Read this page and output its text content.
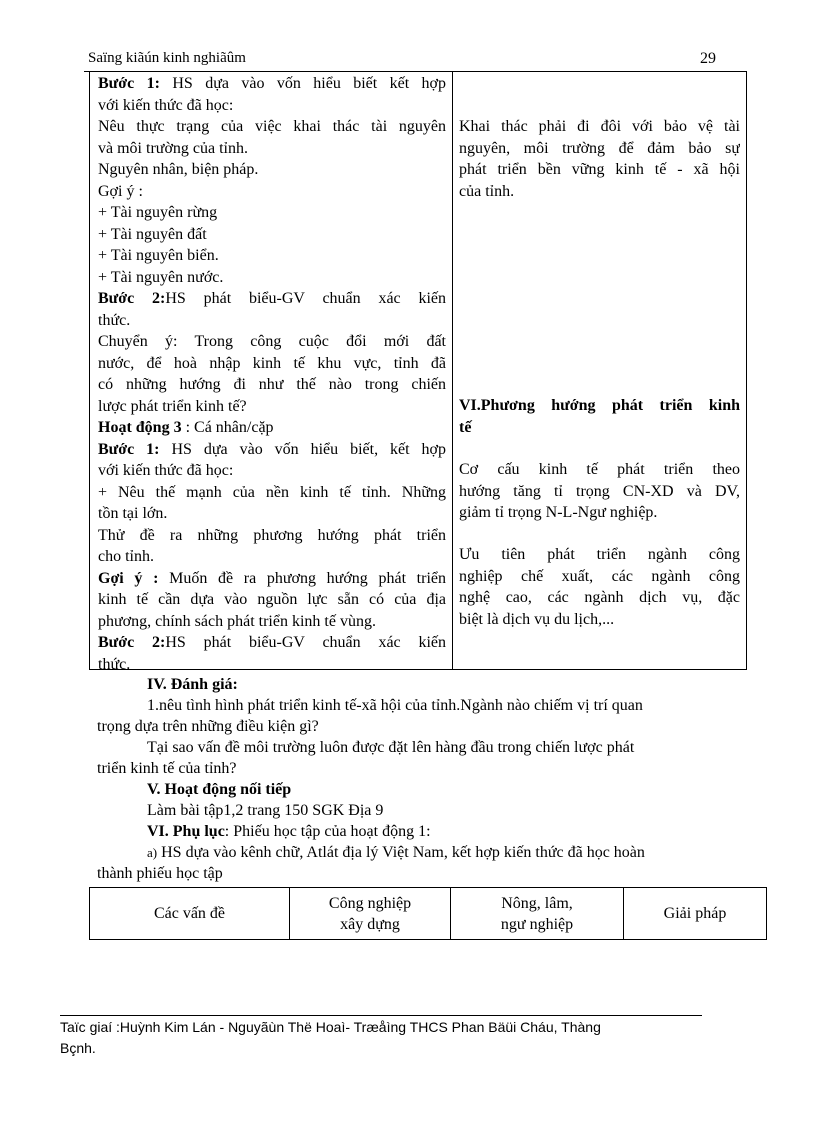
Saïng kiãún kinh nghiãûm	29
Bước 1: HS dựa vào vốn hiểu biết kết hợp
với kiến thức đã học:
Nêu thực trạng của việc khai thác tài nguyên
và môi trường của tỉnh.
Nguyên nhân, biện pháp.
Gợi ý :
+ Tài nguyên rừng
+ Tài nguyên đất
+ Tài nguyên biển.
+ Tài nguyên nước.
Bước 2:HS phát biểu-GV chuẩn xác kiến
thức.
Chuyển ý: Trong công cuộc đổi mới đất
nước, để hoà nhập kinh tế khu vực, tỉnh đã
có những hướng đi như thế nào trong chiến
lược phát triển kinh tế?
Hoạt động 3 : Cá nhân/cặp
Bước 1: HS dựa vào vốn hiểu biết, kết hợp
với kiến thức đã học:
+ Nêu thế mạnh của nền kinh tế tỉnh. Những
tồn tại lớn.
Thử đề ra những phương hướng phát triển
cho tỉnh.
Gợi ý : Muốn đề ra phương hướng phát triển
kinh tế cần dựa vào nguồn lực sẵn có của địa
phương, chính sách phát triển kinh tế vùng.
Bước 2:HS phát biểu-GV chuẩn xác kiến
thức.
Khai thác phải đi đôi với bảo vệ tài
nguyên, môi trường để đảm bảo sự
phát triển bền vững kinh tế - xã hội
của tỉnh.
VI.Phương hướng phát triển kinh
tế
Cơ cấu kinh tế phát triển theo
hướng tăng tỉ trọng CN-XD và DV,
giảm tỉ trọng N-L-Ngư nghiệp.
Ưu tiên phát triển ngành công
nghiệp chế xuất, các ngành công
nghệ cao, các ngành dịch vụ, đặc
biệt là dịch vụ du lịch,...
IV. Đánh giá:
1.nêu tình hình phát triển kinh tế-xã hội của tỉnh.Ngành nào chiếm vị trí quan
trọng dựa trên những điều kiện gì?
Tại sao vấn đề môi trường luôn được đặt lên hàng đầu trong chiến lược phát
triển kinh tế của tỉnh?
V. Hoạt động nối tiếp
Làm bài tập1,2 trang 150 SGK Địa 9
VI. Phụ lục: Phiếu học tập của hoạt động 1:
a) HS dựa vào kênh chữ, Atlát địa lý Việt Nam, kết hợp kiến thức đã học hoàn
thành phiếu học tập
Các vấn đề
Công nghiệp
xây dựng
Nông, lâm,
ngư nghiệp
Giải pháp
Taïc giaí :Huỳnh Kim Lán - Nguyãùn Thë Hoaì- Træåìng THCS Phan Bäüi Cháu, Thàng
Bçnh.
